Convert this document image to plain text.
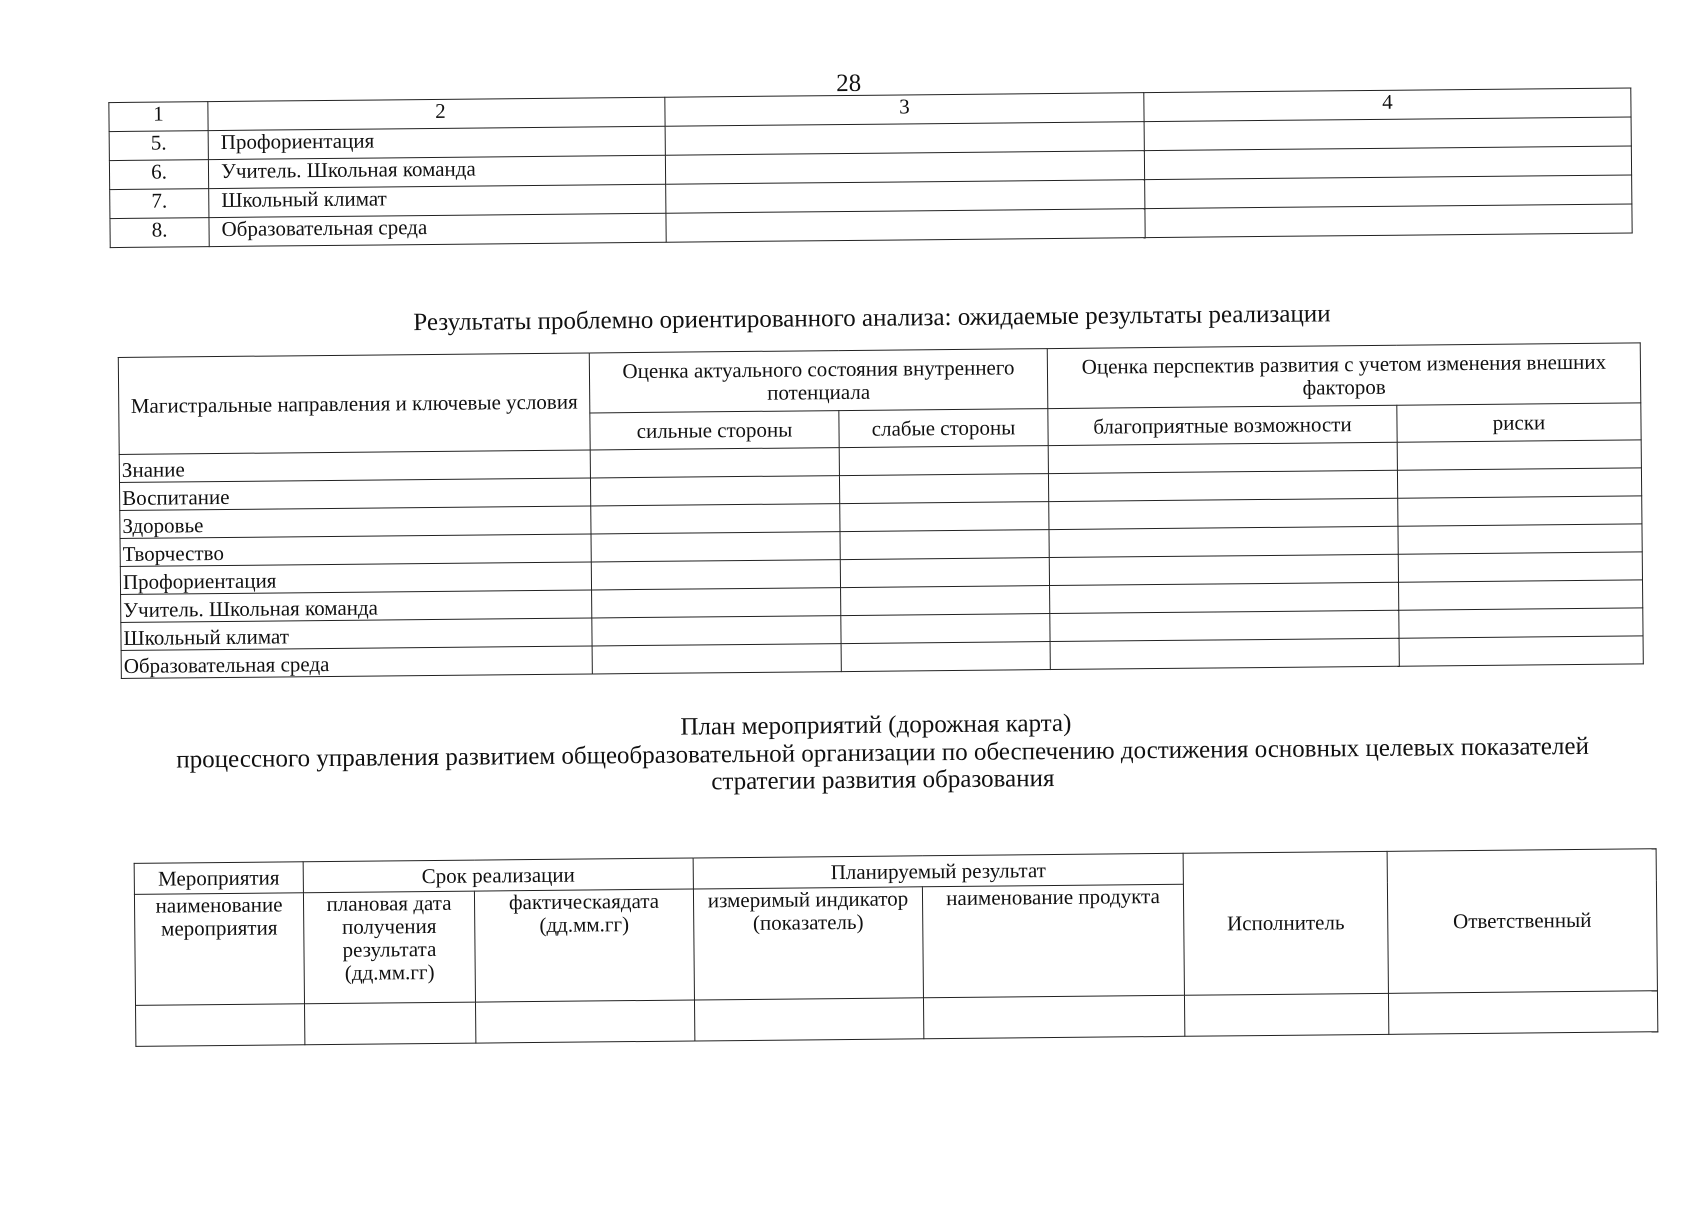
28
1	2	3	4
5.	Профориентация		
6.	Учитель. Школьная команда		
7.	Школьный климат		
8.	Образовательная среда		
Результаты проблемно ориентированного анализа: ожидаемые результаты реализации
Магистральные направления и ключевые условия	Оценка актуального состояния внутреннего потенциала		Оценка перспектив развития с учетом изменения внешних факторов	
	сильные стороны	слабые стороны	благоприятные возможности	риски
Знание				
Воспитание				
Здоровье				
Творчество				
Профориентация				
Учитель. Школьная команда				
Школьный климат				
Образовательная среда				
План мероприятий (дорожная карта)
процессного управления развитием общеобразовательной организации по обеспечению достижения основных целевых показателей стратегии развития образования
Мероприятия	Срок реализации		Планируемый результат		Исполнитель	Ответственный
наименование мероприятия	плановая дата получения результата (дд.мм.гг)	фактическаядата (дд.мм.гг)	измеримый индикатор (показатель)	наименование продукта		
